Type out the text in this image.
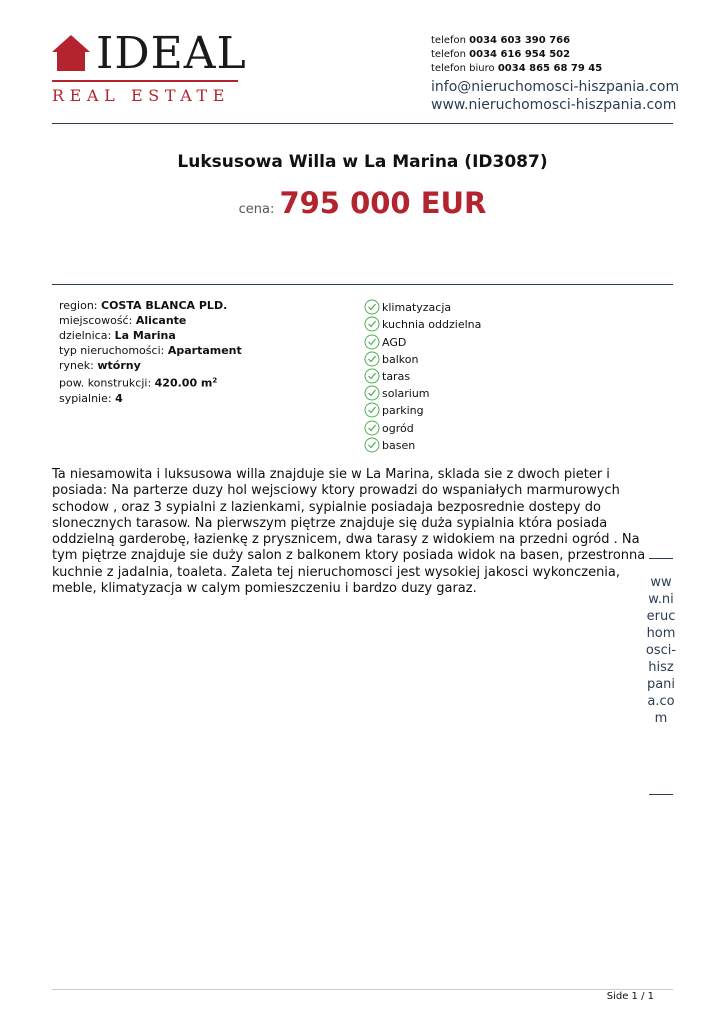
IDEAL
REAL ESTATE
telefon 0034 603 390 766
telefon 0034 616 954 502
telefon biuro 0034 865 68 79 45
info@nieruchomosci-hiszpania.com
www.nieruchomosci-hiszpania.com
Luksusowa Willa w La Marina (ID3087)
cena: 795 000 EUR
region: COSTA BLANCA PLD.
miejscowość: Alicante
dzielnica: La Marina
typ nieruchomości: Apartament
rynek: wtórny
pow. konstrukcji: 420.00 $m^2$
sypialnie: 4
klimatyzacja
kuchnia oddzielna
AGD
balkon
taras
solarium
parking
ogród
basen
Ta niesamowita i luksusowa willa znajduje sie w La Marina, sklada sie z dwoch pieter i posiada: Na parterze duzy hol wejsciowy ktory prowadzi do wspaniałych marmurowych schodow , oraz 3 sypialni z lazienkami, sypialnie posiadaja bezposrednie dostepy do slonecznych tarasow. Na pierwszym piętrze znajduje się duża sypialnia która posiada oddzielną garderobę, łazienkę z prysznicem, dwa tarasy z widokiem na przedni ogród . Na tym piętrze znajduje sie duży salon z balkonem ktory posiada widok na basen, przestronna kuchnie z jadalnia, toaleta. Zaleta tej nieruchomosci jest wysokiej jakosci wykonczenia, meble, klimatyzacja w calym pomieszczeniu i bardzo duzy garaz.	www.nieruchomosci-hiszpania.com
Side 1 / 1
